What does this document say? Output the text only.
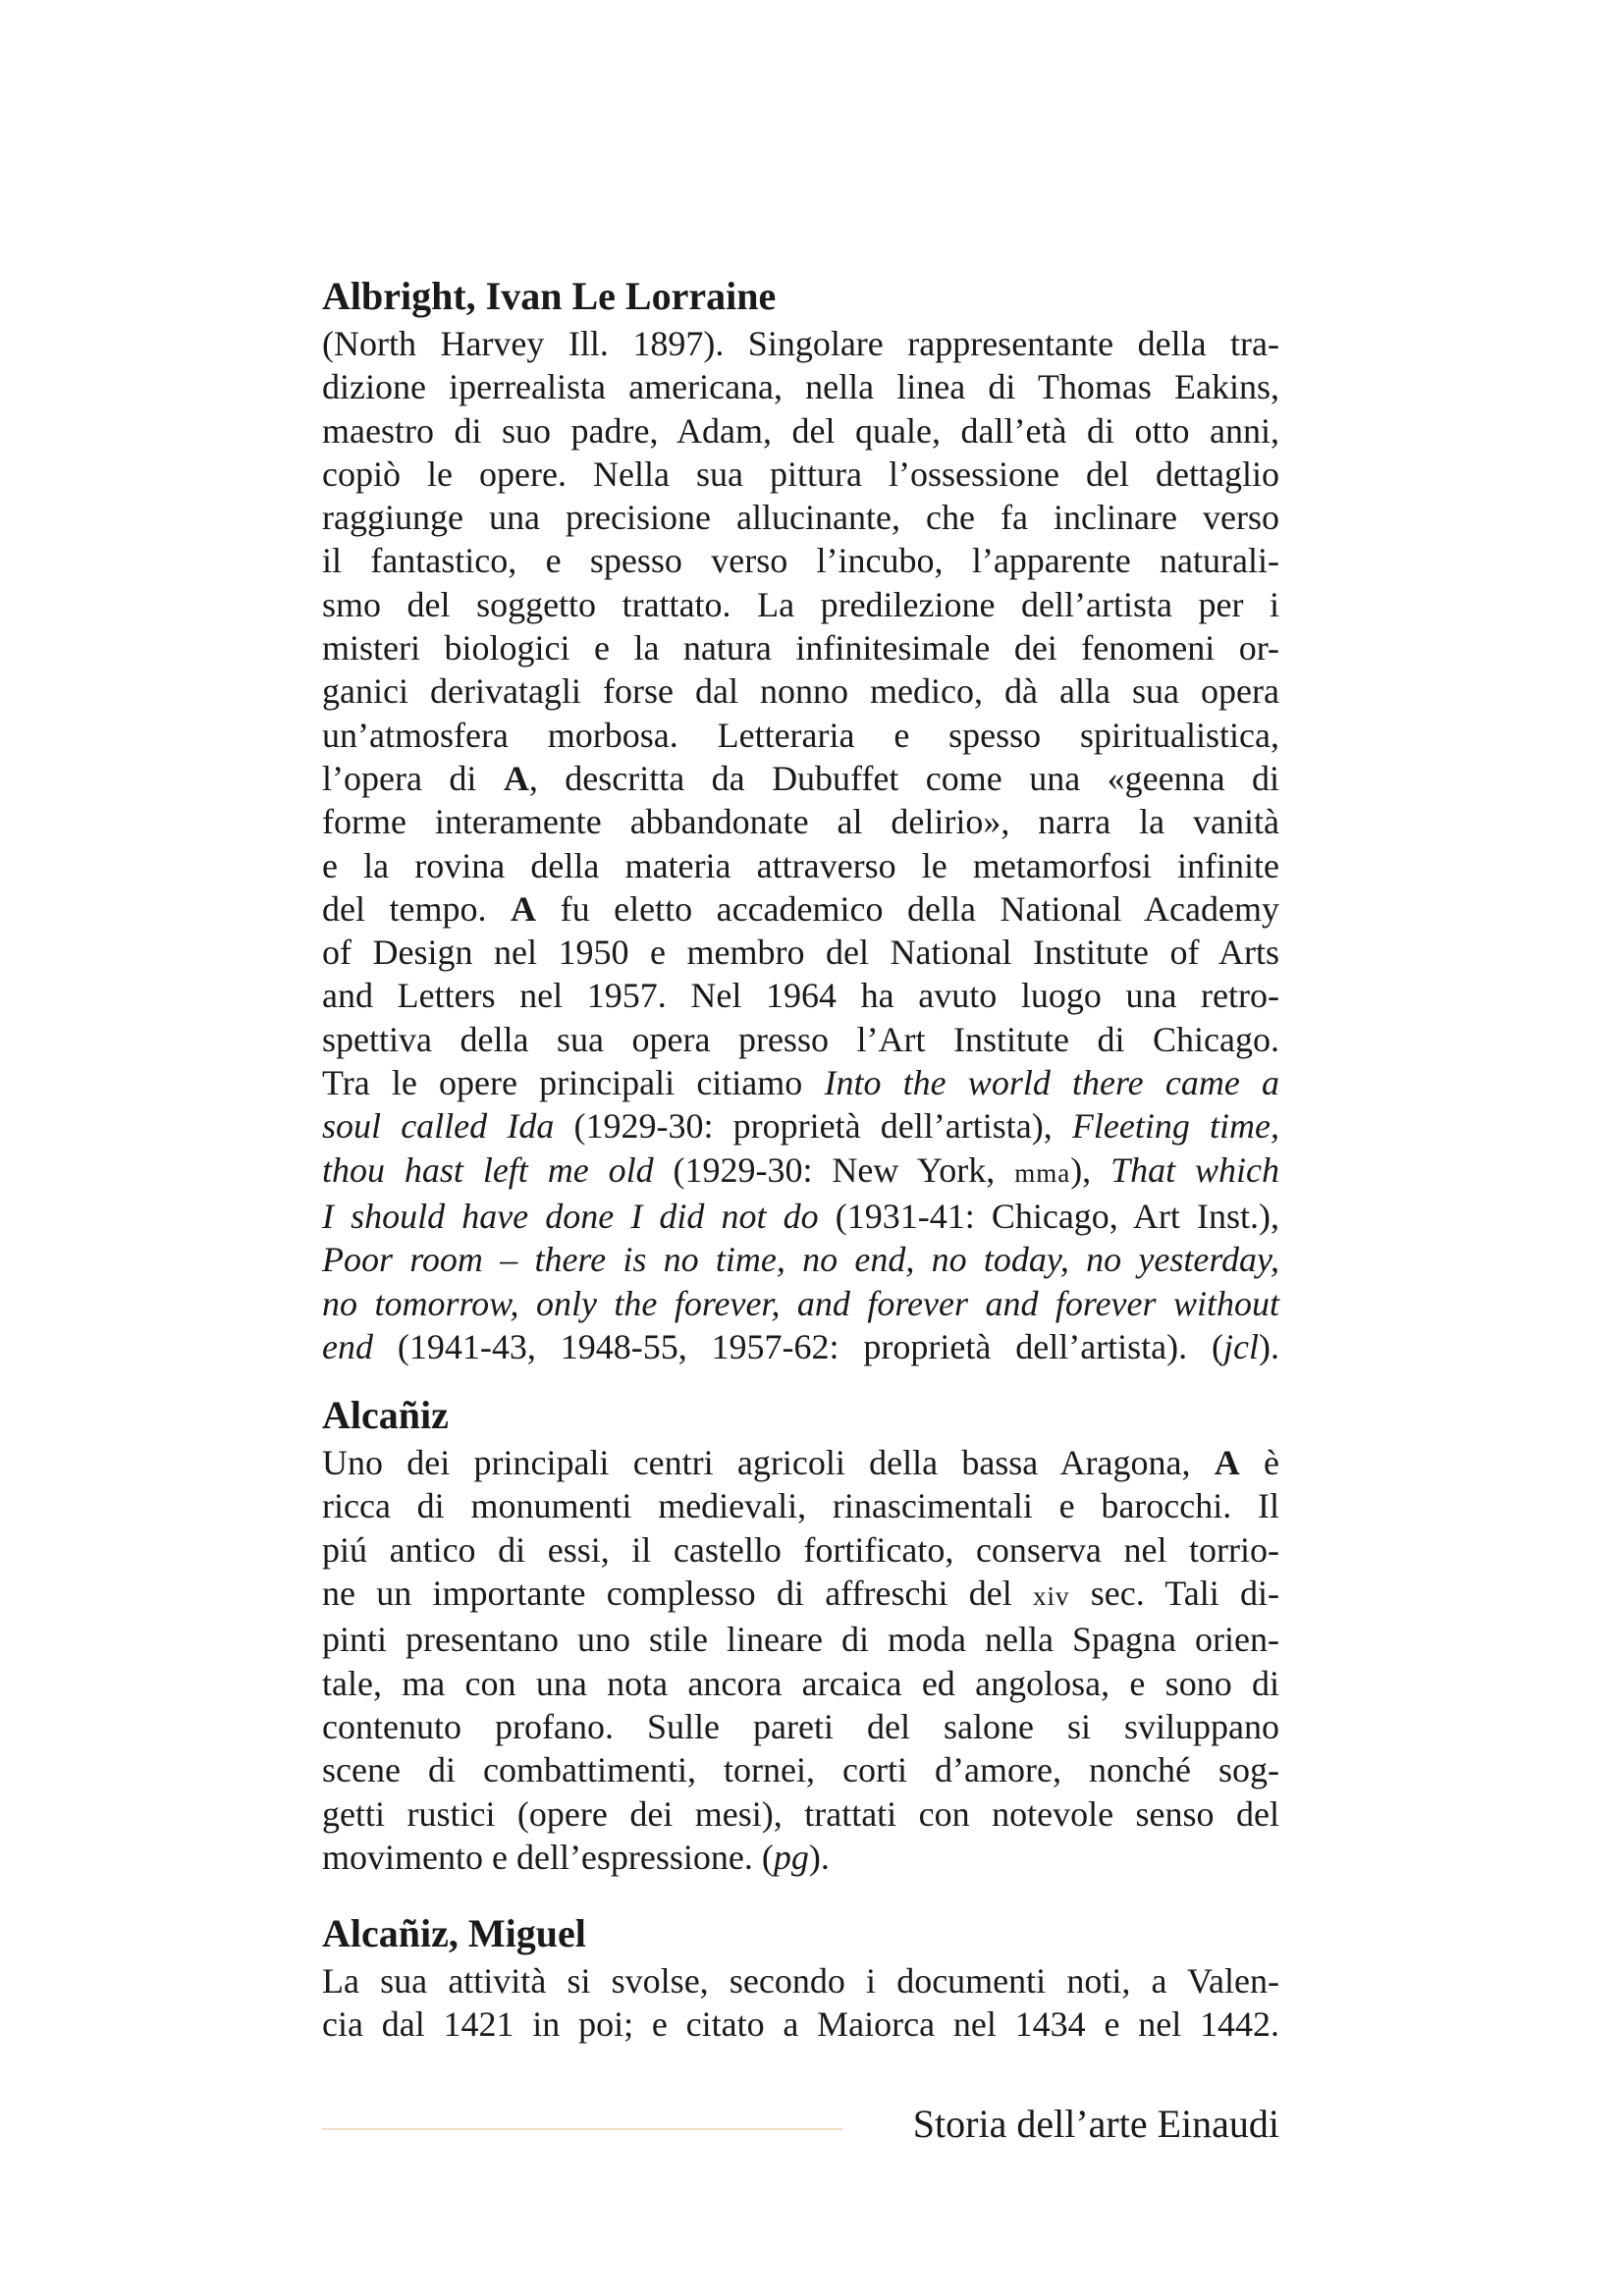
Albright, Ivan Le Lorraine
(North Harvey Ill. 1897). Singolare rappresentante della tra-
dizione iperrealista americana, nella linea di Thomas Eakins,
maestro di suo padre, Adam, del quale, dall’età di otto anni,
copiò le opere. Nella sua pittura l’ossessione del dettaglio
raggiunge una precisione allucinante, che fa inclinare verso
il fantastico, e spesso verso l’incubo, l’apparente naturali-
smo del soggetto trattato. La predilezione dell’artista per i
misteri biologici e la natura infinitesimale dei fenomeni or-
ganici derivatagli forse dal nonno medico, dà alla sua opera
un’atmosfera morbosa. Letteraria e spesso spiritualistica,
l’opera di A, descritta da Dubuffet come una «geenna di
forme interamente abbandonate al delirio», narra la vanità
e la rovina della materia attraverso le metamorfosi infinite
del tempo. A fu eletto accademico della National Academy
of Design nel 1950 e membro del National Institute of Arts
and Letters nel 1957. Nel 1964 ha avuto luogo una retro-
spettiva della sua opera presso l’Art Institute di Chicago.
Tra le opere principali citiamo Into the world there came a
soul called Ida (1929-30: proprietà dell’artista), Fleeting time,
thou hast left me old (1929-30: New York, mma), That which
I should have done I did not do (1931-41: Chicago, Art Inst.),
Poor room – there is no time, no end, no today, no yesterday,
no tomorrow, only the forever, and forever and forever without
end (1941-43, 1948-55, 1957-62: proprietà dell’artista). (jcl).
Alcañiz
Uno dei principali centri agricoli della bassa Aragona, A è
ricca di monumenti medievali, rinascimentali e barocchi. Il
piú antico di essi, il castello fortificato, conserva nel torrio-
ne un importante complesso di affreschi del xiv sec. Tali di-
pinti presentano uno stile lineare di moda nella Spagna orien-
tale, ma con una nota ancora arcaica ed angolosa, e sono di
contenuto profano. Sulle pareti del salone si sviluppano
scene di combattimenti, tornei, corti d’amore, nonché sog-
getti rustici (opere dei mesi), trattati con notevole senso del
movimento e dell’espressione. (pg).
Alcañiz, Miguel
La sua attività si svolse, secondo i documenti noti, a Valen-
cia dal 1421 in poi; e citato a Maiorca nel 1434 e nel 1442.
Storia dell’arte Einaudi
